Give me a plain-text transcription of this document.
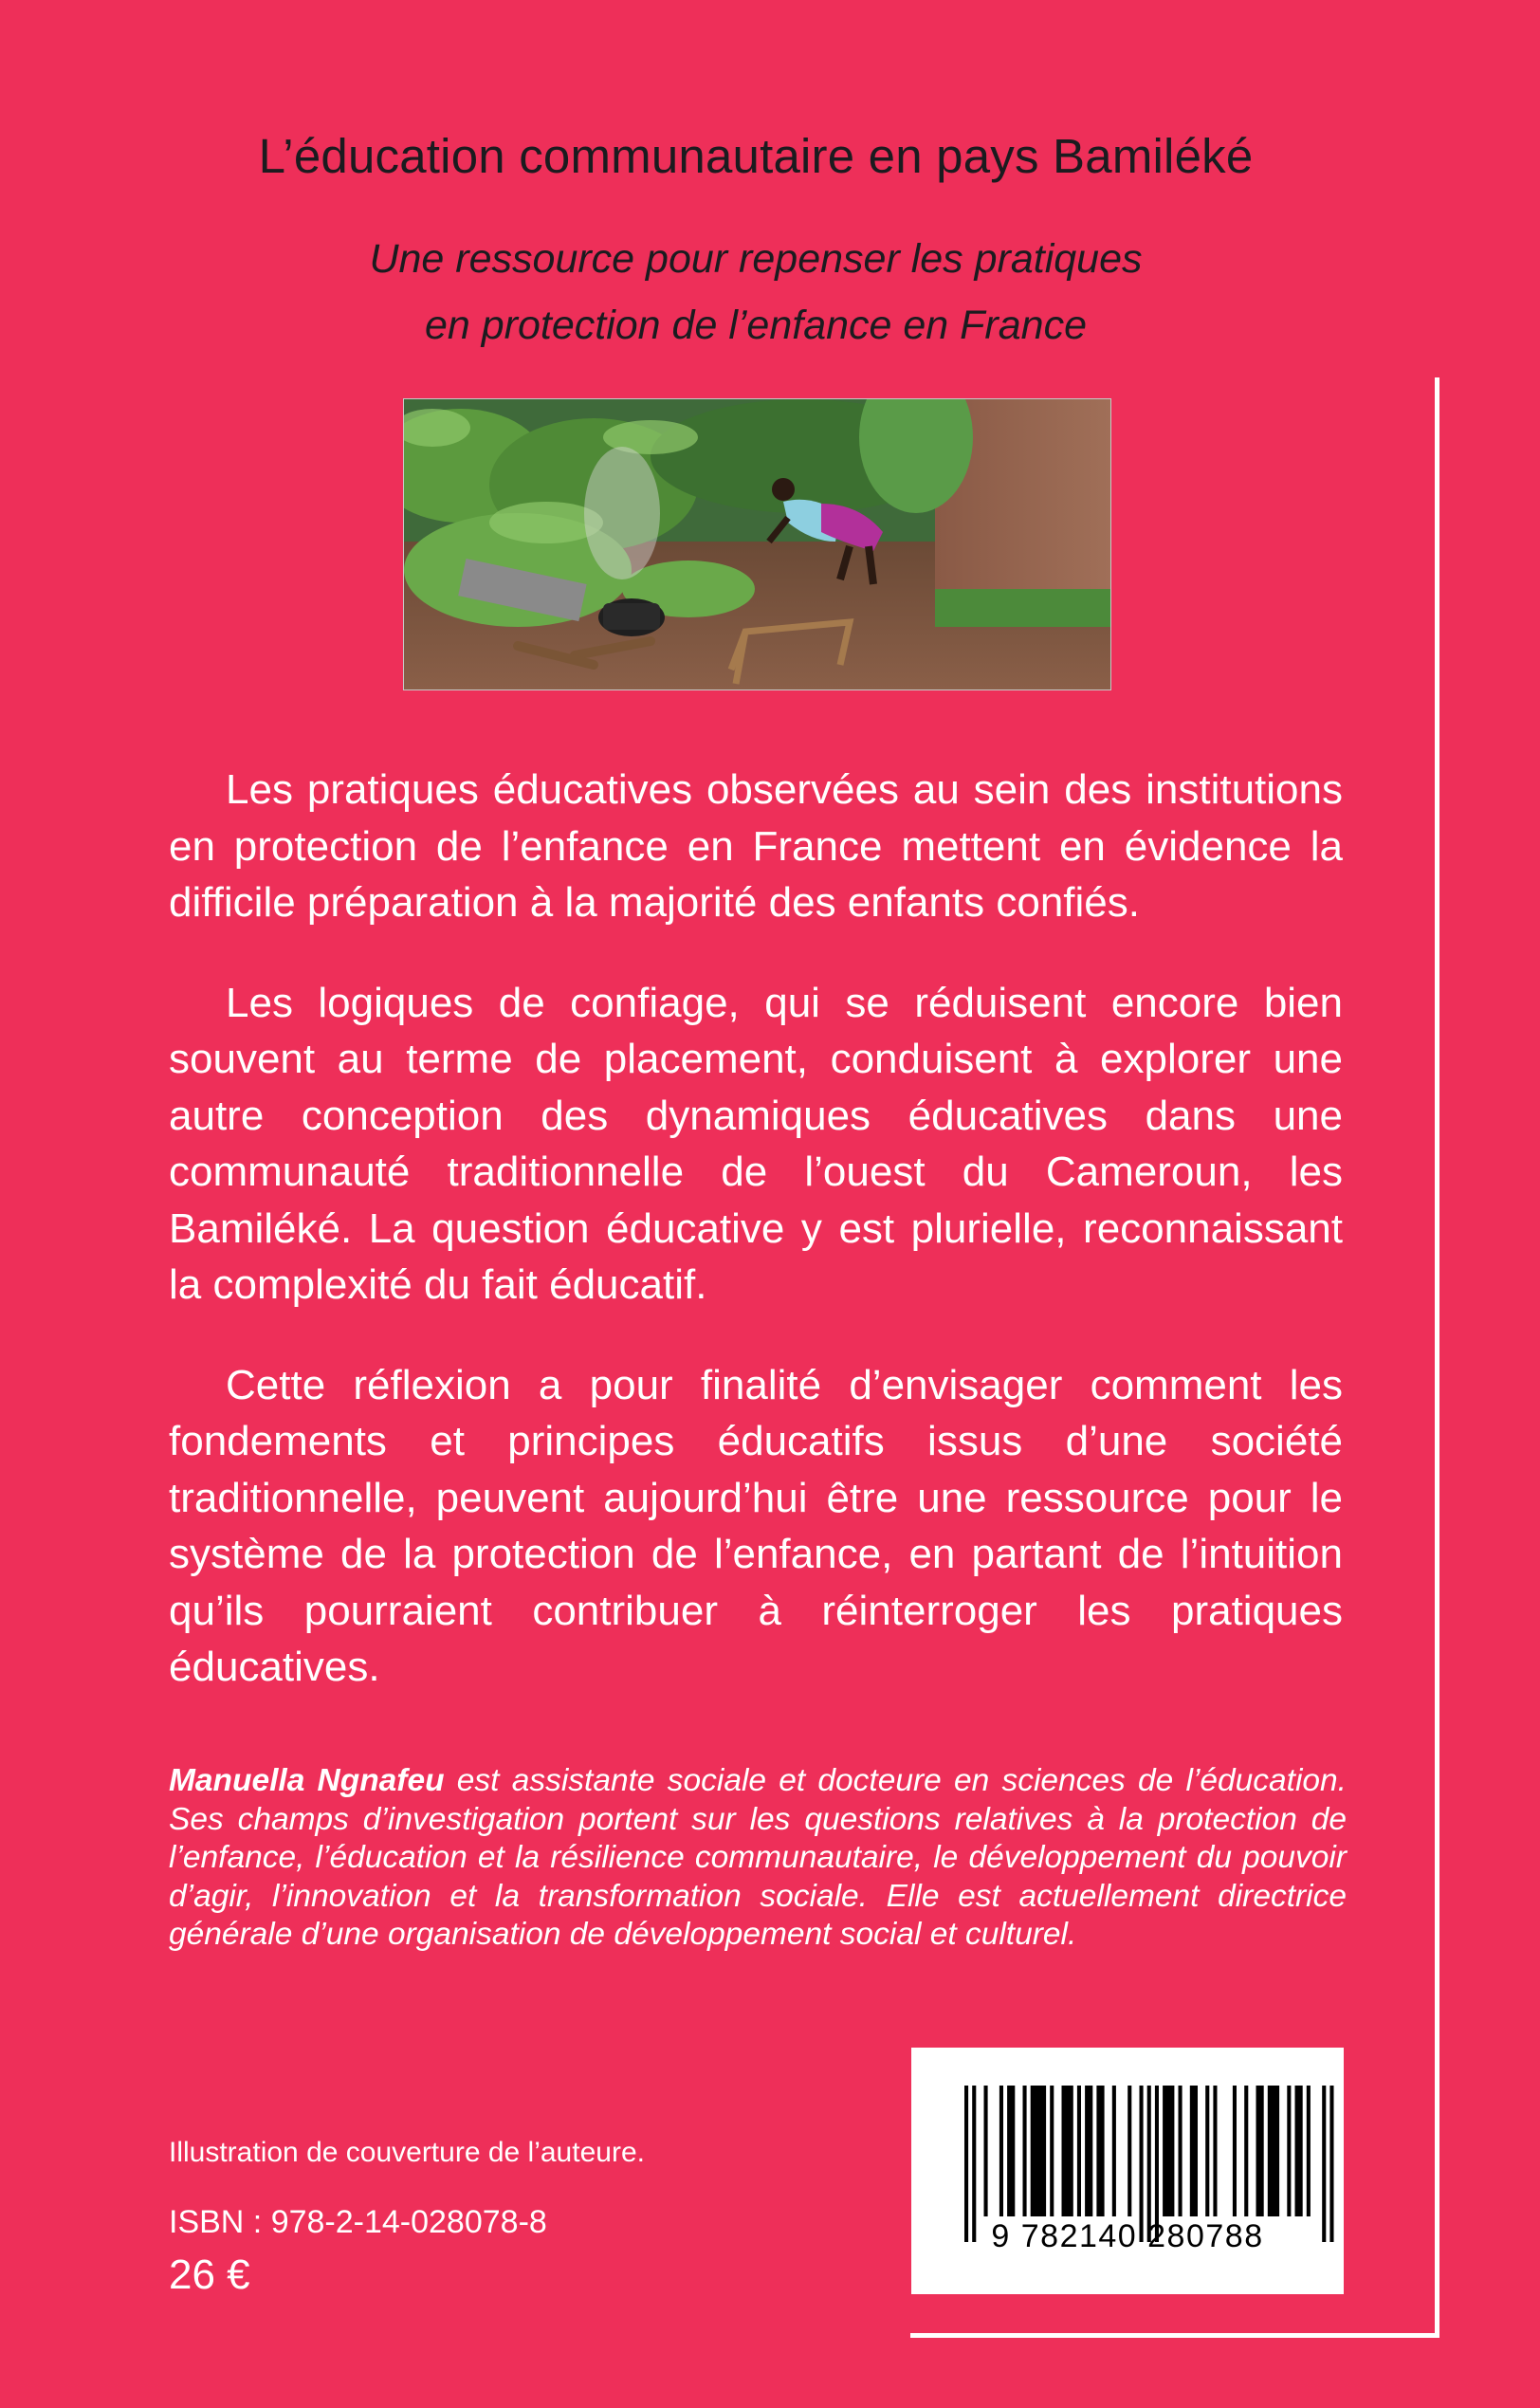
L’éducation communautaire en pays Bamiléké
Une ressource pour repenser les pratiques
en protection de l’enfance en France

Les pratiques éducatives observées au sein des institutions en protection de l’enfance en France mettent en évidence la difficile préparation à la majorité des enfants confiés.

Les logiques de confiage, qui se réduisent encore bien souvent au terme de placement, conduisent à explorer une autre conception des dynamiques éducatives dans une communauté traditionnelle de l’ouest du Cameroun, les Bamiléké. La question éducative y est plurielle, reconnaissant la complexité du fait éducatif.

Cette réflexion a pour finalité d’envisager comment les fondements et principes éducatifs issus d’une société traditionnelle, peuvent aujourd’hui être une ressource pour le système de la protection de l’enfance, en partant de l’intuition qu’ils pourraient contribuer à réinterroger les pratiques éducatives.

Manuella Ngnafeu est assistante sociale et docteure en sciences de l’éducation. Ses champs d’investigation portent sur les questions relatives à la protection de l’enfance, l’éducation et la résilience communautaire, le développement du pouvoir d’agir, l’innovation et la transformation sociale. Elle est actuellement directrice générale d’une organisation de développement social et culturel.
Illustration de couverture de l’auteure.
ISBN : 978-2-14-028078-8
26 €
9 782140 280788
